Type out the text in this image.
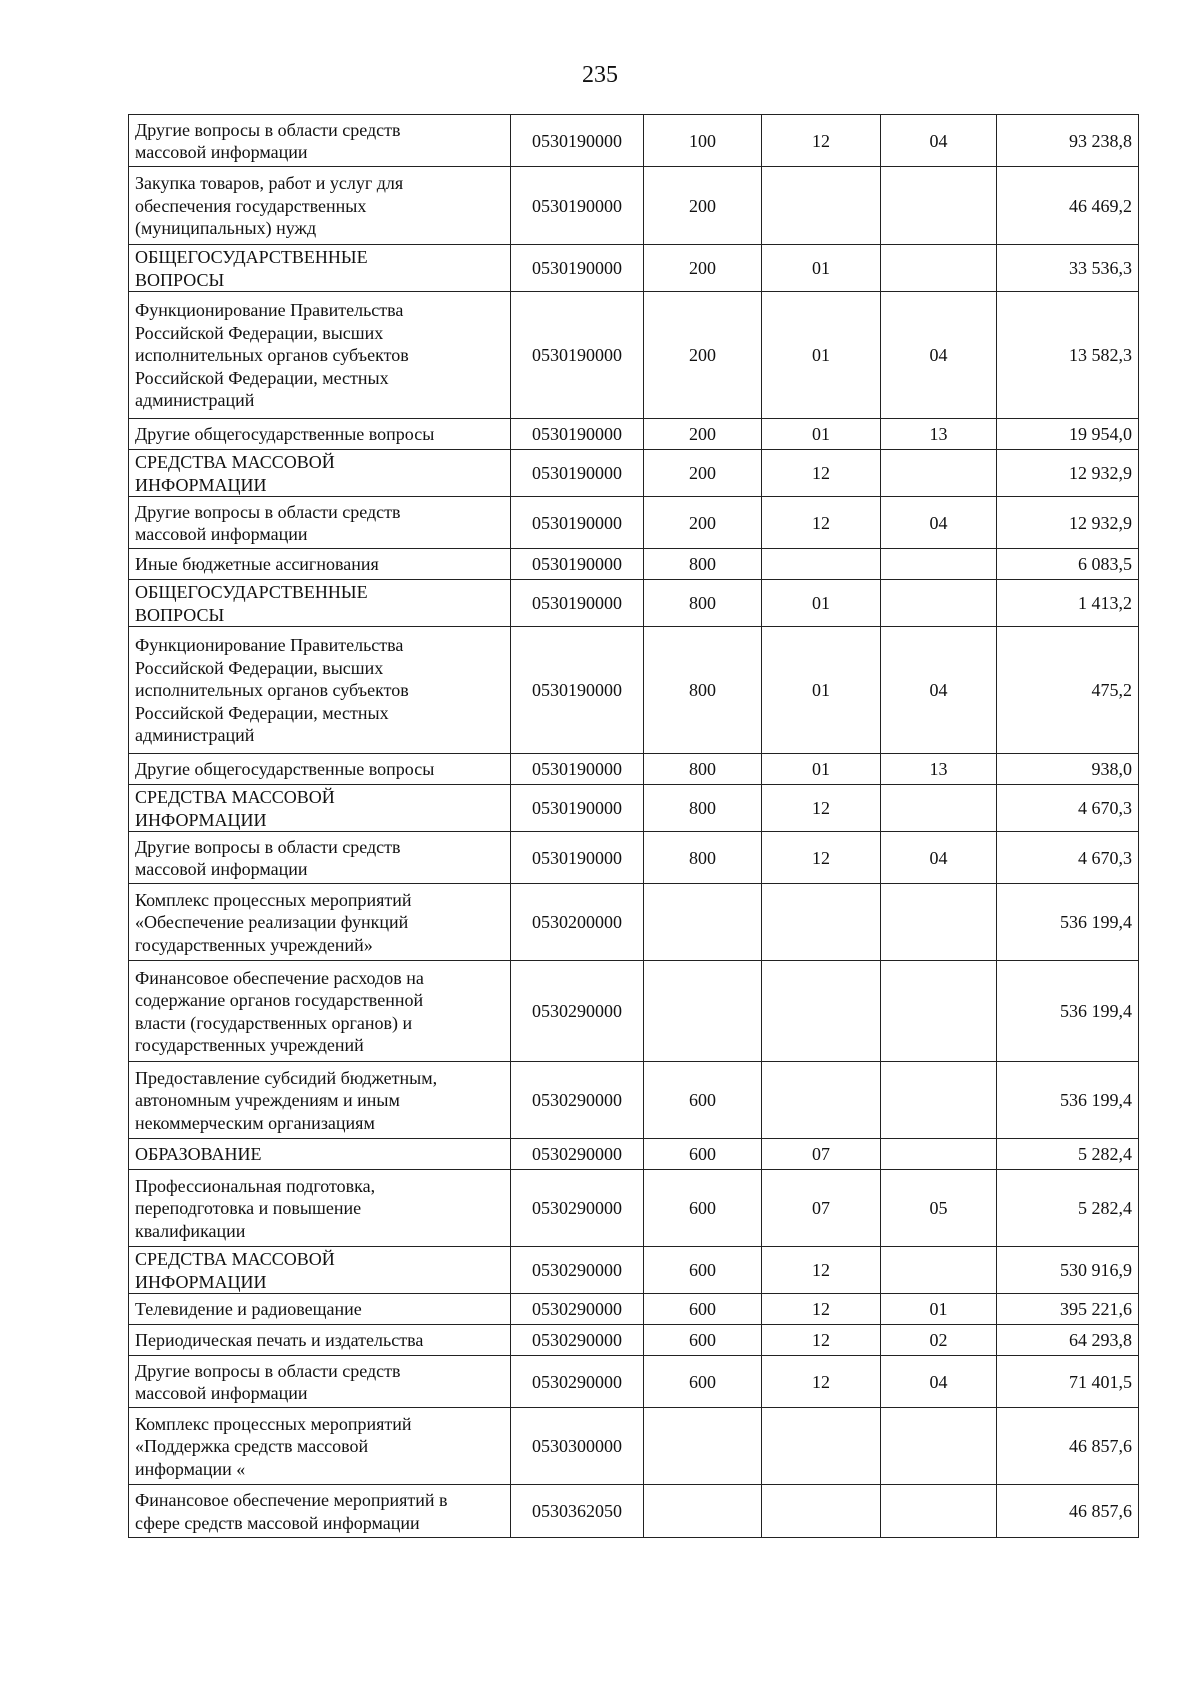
235
Другие вопросы в области средств
массовой информации	0530190000	100	12	04	93 238,8
Закупка товаров, работ и услуг для
обеспечения государственных
(муниципальных) нужд	0530190000	200			46 469,2
ОБЩЕГОСУДАРСТВЕННЫЕ
ВОПРОСЫ	0530190000	200	01		33 536,3
Функционирование Правительства
Российской Федерации, высших
исполнительных органов субъектов
Российской Федерации, местных
администраций	0530190000	200	01	04	13 582,3
Другие общегосударственные вопросы	0530190000	200	01	13	19 954,0
СРЕДСТВА МАССОВОЙ
ИНФОРМАЦИИ	0530190000	200	12		12 932,9
Другие вопросы в области средств
массовой информации	0530190000	200	12	04	12 932,9
Иные бюджетные ассигнования	0530190000	800			6 083,5
ОБЩЕГОСУДАРСТВЕННЫЕ
ВОПРОСЫ	0530190000	800	01		1 413,2
Функционирование Правительства
Российской Федерации, высших
исполнительных органов субъектов
Российской Федерации, местных
администраций	0530190000	800	01	04	475,2
Другие общегосударственные вопросы	0530190000	800	01	13	938,0
СРЕДСТВА МАССОВОЙ
ИНФОРМАЦИИ	0530190000	800	12		4 670,3
Другие вопросы в области средств
массовой информации	0530190000	800	12	04	4 670,3
Комплекс процессных мероприятий
«Обеспечение реализации функций
государственных учреждений»	0530200000				536 199,4
Финансовое обеспечение расходов на
содержание органов государственной
власти (государственных органов) и
государственных учреждений	0530290000				536 199,4
Предоставление субсидий бюджетным,
автономным учреждениям и иным
некоммерческим организациям	0530290000	600			536 199,4
ОБРАЗОВАНИЕ	0530290000	600	07		5 282,4
Профессиональная подготовка,
переподготовка и повышение
квалификации	0530290000	600	07	05	5 282,4
СРЕДСТВА МАССОВОЙ
ИНФОРМАЦИИ	0530290000	600	12		530 916,9
Телевидение и радиовещание	0530290000	600	12	01	395 221,6
Периодическая печать и издательства	0530290000	600	12	02	64 293,8
Другие вопросы в области средств
массовой информации	0530290000	600	12	04	71 401,5
Комплекс процессных мероприятий
«Поддержка средств массовой
информации «	0530300000				46 857,6
Финансовое обеспечение мероприятий в
сфере средств массовой информации	0530362050				46 857,6
